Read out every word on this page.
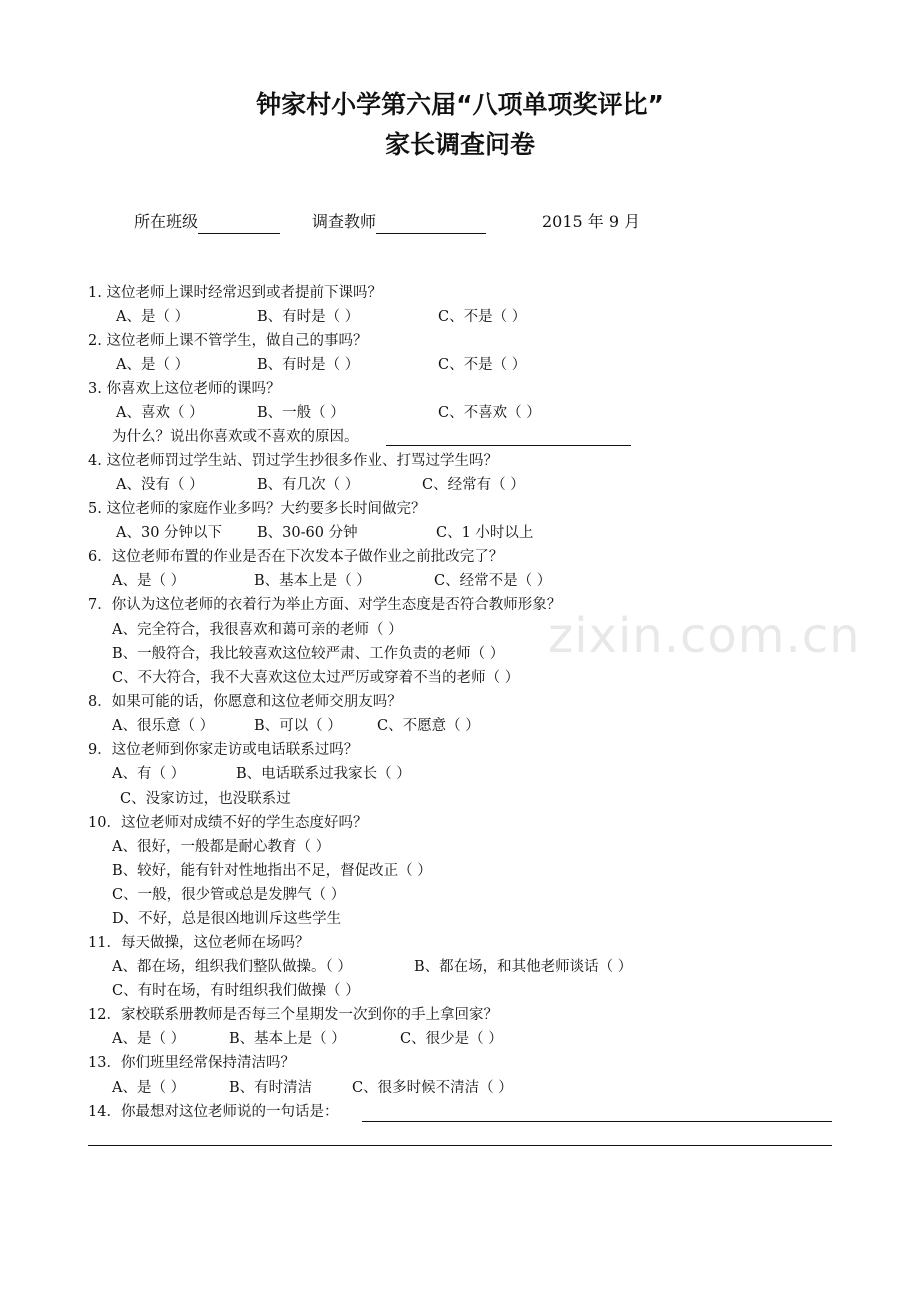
钟家村小学第六届“八项单项奖评比”
家长调查问卷
所在班级	调查教师	2015 年 9 月
zixin.com.cn
1. 这位老师上课时经常迟到或者提前下课吗？
A、是（ ）	B、有时是（ ）	C、不是（ ）
2. 这位老师上课不管学生，做自己的事吗？
A、是（ ）	B、有时是（ ）	C、不是（ ）
3. 你喜欢上这位老师的课吗？
A、喜欢（ ）	B、一般（ ）	C、不喜欢（ ）
为什么？说出你喜欢或不喜欢的原因。
4. 这位老师罚过学生站、罚过学生抄很多作业、打骂过学生吗？
A、没有（ ）	B、有几次（ ）	C、经常有（ ）
5. 这位老师的家庭作业多吗？大约要多长时间做完？
A、30 分钟以下 B、30-60 分钟	C、1 小时以上
6．这位老师布置的作业是否在下次发本子做作业之前批改完了？
A、是（ ）	B、基本上是（ ）	C、经常不是（ ）
7．你认为这位老师的衣着行为举止方面、对学生态度是否符合教师形象？
A、完全符合，我很喜欢和蔼可亲的老师（ ）
B、一般符合，我比较喜欢这位较严肃、工作负责的老师（ ）
C、不大符合，我不大喜欢这位太过严厉或穿着不当的老师（ ）
8．如果可能的话，你愿意和这位老师交朋友吗？
A、很乐意（ ）	B、可以（ ） C、不愿意（ ）
9．这位老师到你家走访或电话联系过吗？
A、有（ ）	B、电话联系过我家长（ ）
C、没家访过，也没联系过
10．这位老师对成绩不好的学生态度好吗？
A、很好，一般都是耐心教育（ ）
B、较好，能有针对性地指出不足，督促改正（ ）
C、一般，很少管或总是发脾气（ ）
D、不好，总是很凶地训斥这些学生
11．每天做操，这位老师在场吗？
A、都在场，组织我们整队做操。（ ）	B、都在场，和其他老师谈话（ ）
C、有时在场，有时组织我们做操（ ）
12．家校联系册教师是否每三个星期发一次到你的手上拿回家？
A、是（ ）	B、基本上是（ ）	C、很少是（ ）
13．你们班里经常保持清洁吗？
A、是（ ）	B、有时清洁	C、很多时候不清洁（ ）
14．你最想对这位老师说的一句话是：
